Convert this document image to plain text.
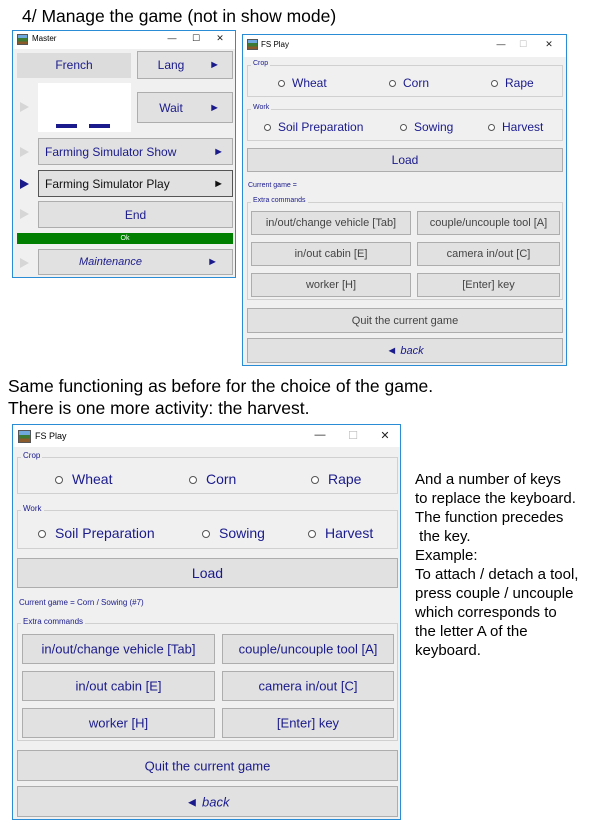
4/ Manage the game (not in show mode)
Same functioning as before for the choice of the game.
There is one more activity: the harvest.
And a number of keys
to replace the keyboard.
The function precedes
the key.
Example:
To attach / detach a tool,
press couple / uncouple
which corresponds to
the letter A of the
keyboard.
Master	—	☐	✕
French	Lang	►
Wait	►
Farming Simulator Show	►
Farming Simulator Play	►
End
Ok
Maintenance	►
FS Play	—	☐	✕
Crop
Wheat	Corn	Rape
Work
Soil Preparation	Sowing	Harvest
Load
Current game =
Extra commands
in/out/change vehicle [Tab]	couple/uncouple tool [A]
in/out cabin [E]	camera in/out [C]
worker [H]	[Enter] key
Quit the current game
◄ back
FS Play	—	☐	✕
Crop
Wheat	Corn	Rape
Work
Soil Preparation	Sowing	Harvest
Load
Current game = Corn / Sowing (#7)
Extra commands
in/out/change vehicle [Tab]	couple/uncouple tool [A]
in/out cabin [E]	camera in/out [C]
worker [H]	[Enter] key
Quit the current game
◄ back
